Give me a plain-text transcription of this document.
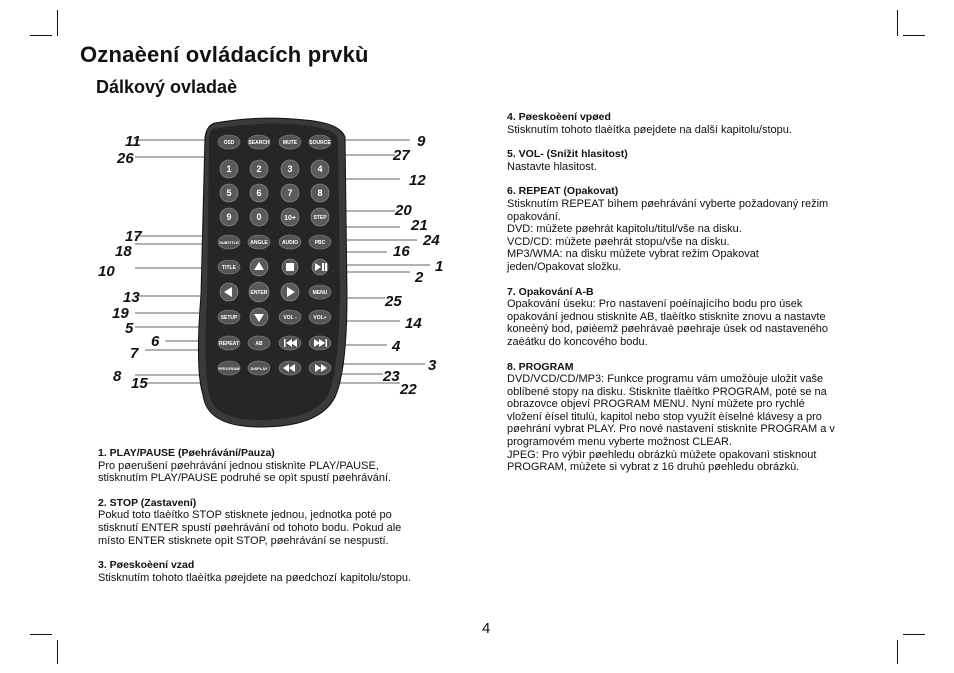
Oznaèení ovládacích prvkù
Dálkový ovladaè
OSD	SEARCH	MUTE SOURCE
1	2	3	4
5	6	7	8
9	0	10+	STEP
SUBTITLE ANGLE	AUDIO	PBC
TITLE
ENTER	MENU
SETUP	VOL -	VOL+
REPEAT	AB
PROGRAM	DISPLAY
11
26
17
18
10
13
19
5
6
7
8 15
9
27
12
20
21
24
16
1
2
25
14
4
3
23
22
1. PLAY/PAUSE (Pøehrávání/Pauza)
Pro pøerušení pøehrávání jednou stisknìte PLAY/PAUSE,
stisknutím PLAY/PAUSE podruhé se opìt spustí pøehrávání.
2. STOP (Zastavení)
Pokud toto tlaèítko STOP stisknete jednou, jednotka poté po
stisknutí ENTER spustí pøehrávání od tohoto bodu. Pokud ale
místo ENTER stisknete opìt STOP, pøehrávání se nespustí.
3. Pøeskoèení vzad
Stisknutím tohoto tlaèítka pøejdete na pøedchozí kapitolu/stopu.
4. Pøeskoèení vpøed
Stisknutím tohoto tlaèítka pøejdete na další kapitolu/stopu.
5. VOL- (Snížit hlasitost)
Nastavte hlasitost.
6. REPEAT (Opakovat)
Stisknutím REPEAT bìhem pøehrávání vyberte požadovaný režim
opakování.
DVD: mùžete pøehrát kapitolu/titul/vše na disku.
VCD/CD: mùžete pøehrát stopu/vše na disku.
MP3/WMA: na disku mùžete vybrat režim Opakovat
jeden/Opakovat složku.
7. Opakování A-B
Opakování úseku: Pro nastavení poèínajícího bodu pro úsek
opakování jednou stisknìte AB, tlaèítko stisknìte znovu a nastavte
koneèný bod, pøièemž pøehrávaè pøehraje úsek od nastaveného
zaèátku do koncového bodu.
8. PROGRAM
DVD/VCD/CD/MP3: Funkce programu vám umožòuje uložit vaše
oblíbené stopy na disku. Stisknìte tlaèítko PROGRAM, poté se na
obrazovce objeví PROGRAM MENU. Nyní mùžete pro rychlé
vložení èísel titulù, kapitol nebo stop využít èíselné klávesy a pro
pøehrání vybrat PLAY. Pro nové nastavení stisknìte PROGRAM a v
programovém menu vyberte možnost CLEAR.
JPEG: Pro výbìr pøehledu obrázkù mùžete opakovanì stisknout
PROGRAM, mùžete si vybrat z 16 druhù pøehledu obrázkù.
4
